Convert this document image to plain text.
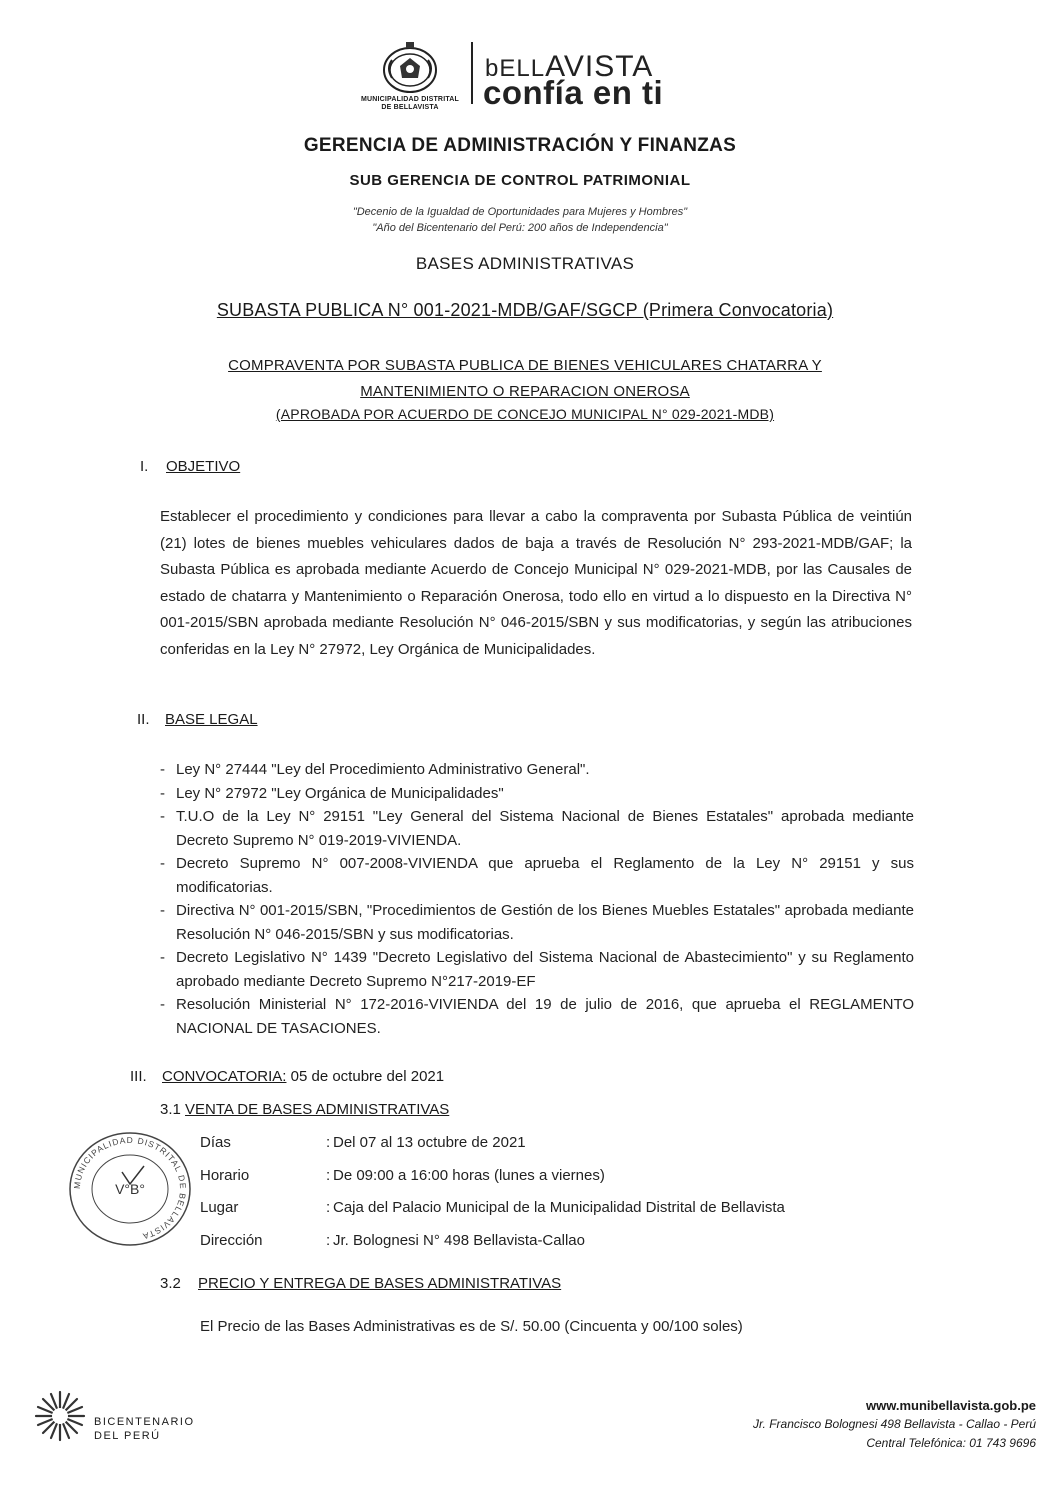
MUNICIPALIDAD DISTRITAL
DE BELLAVISTA
bELLAVISTA
confía en ti
GERENCIA DE ADMINISTRACIÓN Y FINANZAS
SUB GERENCIA DE CONTROL PATRIMONIAL
"Decenio de la Igualdad de Oportunidades para Mujeres y Hombres"
"Año del Bicentenario del Perú: 200 años de Independencia"
BASES ADMINISTRATIVAS
SUBASTA PUBLICA N° 001-2021-MDB/GAF/SGCP (Primera Convocatoria)
COMPRAVENTA POR SUBASTA PUBLICA DE BIENES VEHICULARES CHATARRA Y
MANTENIMIENTO O REPARACION ONEROSA
(APROBADA POR ACUERDO DE CONCEJO MUNICIPAL N° 029-2021-MDB)
I. OBJETIVO
Establecer el procedimiento y condiciones para llevar a cabo la compraventa por Subasta Pública de veintiún (21) lotes de bienes muebles vehiculares dados de baja a través de Resolución N° 293-2021-MDB/GAF; la Subasta Pública es aprobada mediante Acuerdo de Concejo Municipal N° 029-2021-MDB, por las Causales de estado de chatarra y Mantenimiento o Reparación Onerosa, todo ello en virtud a lo dispuesto en la Directiva N° 001-2015/SBN aprobada mediante Resolución N° 046-2015/SBN y sus modificatorias, y según las atribuciones conferidas en la Ley N° 27972, Ley Orgánica de Municipalidades.
II. BASE LEGAL
- Ley N° 27444 "Ley del Procedimiento Administrativo General".
- Ley N° 27972 "Ley Orgánica de Municipalidades"
- T.U.O de la Ley N° 29151 "Ley General del Sistema Nacional de Bienes Estatales" aprobada mediante Decreto Supremo N° 019-2019-VIVIENDA.
- Decreto Supremo N° 007-2008-VIVIENDA que aprueba el Reglamento de la Ley N° 29151 y sus modificatorias.
- Directiva N° 001-2015/SBN, "Procedimientos de Gestión de los Bienes Muebles Estatales" aprobada mediante Resolución N° 046-2015/SBN y sus modificatorias.
- Decreto Legislativo N° 1439 "Decreto Legislativo del Sistema Nacional de Abastecimiento" y su Reglamento aprobado mediante Decreto Supremo N°217-2019-EF
- Resolución Ministerial N° 172-2016-VIVIENDA del 19 de julio de 2016, que aprueba el REGLAMENTO NACIONAL DE TASACIONES.
III. CONVOCATORIA: 05 de octubre del 2021
3.1 VENTA DE BASES ADMINISTRATIVAS
Días	: Del 07 al 13 octubre de 2021
Horario	: De 09:00 a 16:00 horas (lunes a viernes)
Lugar	: Caja del Palacio Municipal de la Municipalidad Distrital de Bellavista
Dirección	: Jr. Bolognesi N° 498 Bellavista-Callao
3.2 PRECIO Y ENTREGA DE BASES ADMINISTRATIVAS
El Precio de las Bases Administrativas es de S/. 50.00 (Cincuenta y 00/100 soles)
MUNICIPALIDAD DISTRITAL DE BELLAVISTA
V°B°
BICENTENARIO
DEL PERÚ
www.munibellavista.gob.pe
Jr. Francisco Bolognesi 498 Bellavista - Callao - Perú
Central Telefónica: 01 743 9696
